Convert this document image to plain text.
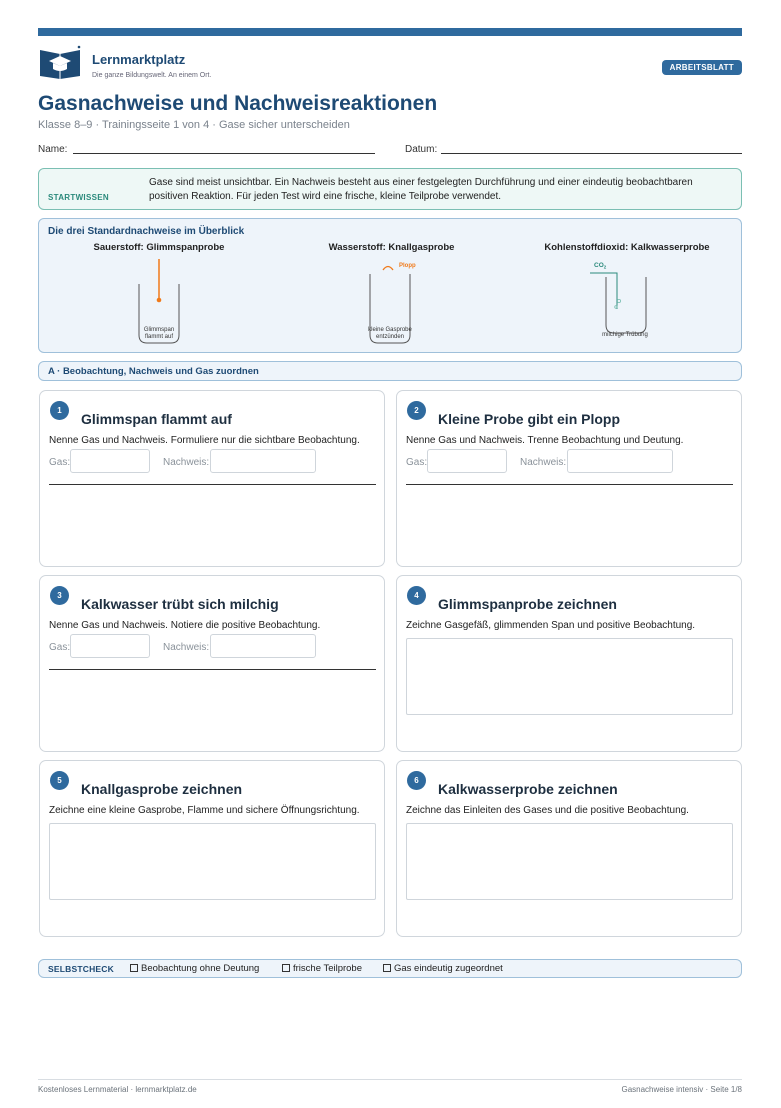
Lernmarktplatz
Die ganze Bildungswelt. An einem Ort.
ARBEITSBLATT
Gasnachweise und Nachweisreaktionen
Klasse 8–9 · Trainingsseite 1 von 4 · Gase sicher unterscheiden
Name:	Datum:
STARTWISSEN
Gase sind meist unsichtbar. Ein Nachweis besteht aus einer festgelegten Durchführung und einer eindeutig beobachtbaren positiven Reaktion. Für jeden Test wird eine frische, kleine Teilprobe verwendet.
Die drei Standardnachweise im Überblick
Sauerstoff: Glimmspanprobe	Wasserstoff: Knallgasprobe	Kohlenstoffdioxid: Kalkwasserprobe
Glimmspan
flammt auf
Plopp
kleine Gasprobe
entzünden
$CO_2$
milchige Trübung
A · Beobachtung, Nachweis und Gas zuordnen
1
Glimmspan flammt auf
Nenne Gas und Nachweis. Formuliere nur die sichtbare Beobachtung.
Gas:	Nachweis:
2
Kleine Probe gibt ein Plopp
Nenne Gas und Nachweis. Trenne Beobachtung und Deutung.
Gas:	Nachweis:
3
Kalkwasser trübt sich milchig
Nenne Gas und Nachweis. Notiere die positive Beobachtung.
Gas:	Nachweis:
4
Glimmspanprobe zeichnen
Zeichne Gasgefäß, glimmenden Span und positive Beobachtung.
5
Knallgasprobe zeichnen
Zeichne eine kleine Gasprobe, Flamme und sichere Öffnungsrichtung.
6
Kalkwasserprobe zeichnen
Zeichne das Einleiten des Gases und die positive Beobachtung.
SELBSTCHECK	Beobachtung ohne Deutung	frische Teilprobe	Gas eindeutig zugeordnet
Kostenloses Lernmaterial · lernmarktplatz.de	Gasnachweise intensiv · Seite 1/8
